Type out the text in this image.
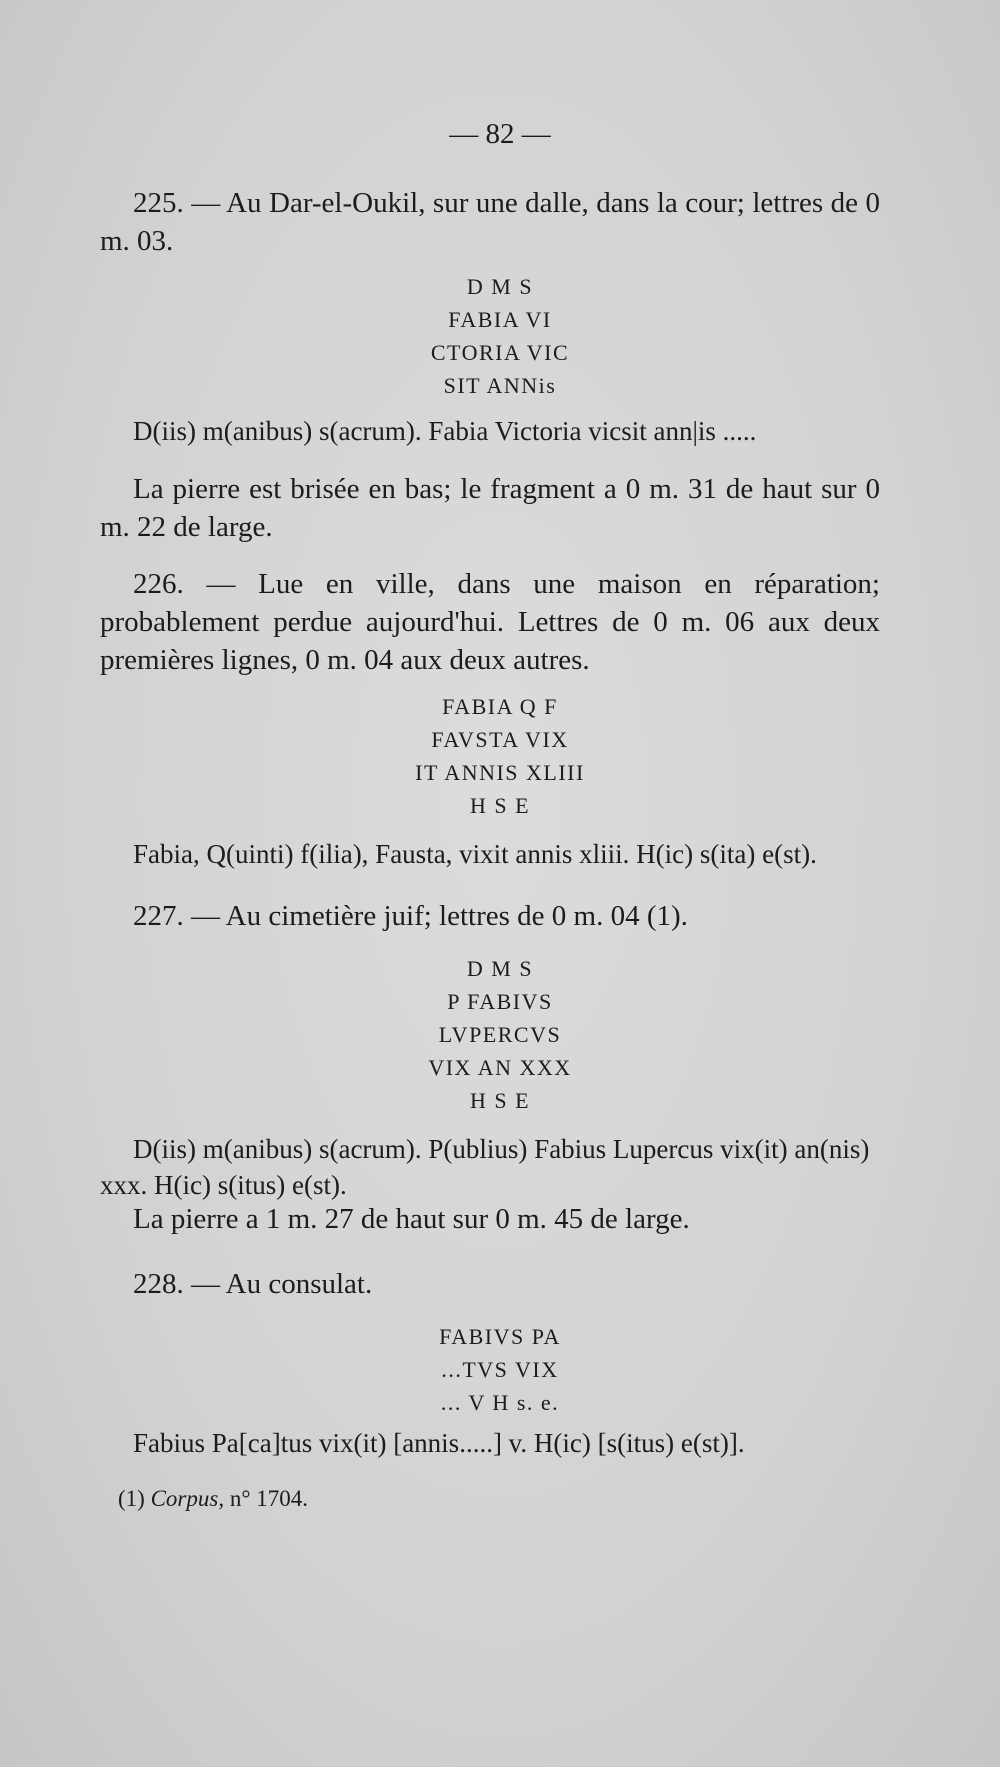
— 82 —
225. — Au Dar-el-Oukil, sur une dalle, dans la cour; lettres de 0 m. 03.
D M S
FABIA VI
CTORIA VIC
SIT ANNis
D(iis) m(anibus) s(acrum). Fabia Victoria vicsit ann|is .....
La pierre est brisée en bas; le fragment a 0 m. 31 de haut sur 0 m. 22 de large.
226. — Lue en ville, dans une maison en réparation; probablement perdue aujourd'hui. Lettres de 0 m. 06 aux deux premières lignes, 0 m. 04 aux deux autres.
FABIA Q F
FAVSTA VIX
IT ANNIS XLIII
H S E
Fabia, Q(uinti) f(ilia), Fausta, vixit annis xliii. H(ic) s(ita) e(st).
227. — Au cimetière juif; lettres de 0 m. 04 (1).
D M S
P FABIVS
LVPERCVS
VIX AN XXX
H S E
D(iis) m(anibus) s(acrum). P(ublius) Fabius Lupercus vix(it) an(nis) xxx. H(ic) s(itus) e(st).
La pierre a 1 m. 27 de haut sur 0 m. 45 de large.
228. — Au consulat.
FABIVS PA
...TVS VIX
... V H s. e.
Fabius Pa[ca]tus vix(it) [annis.....] v. H(ic) [s(itus) e(st)].
(1) Corpus, n° 1704.
